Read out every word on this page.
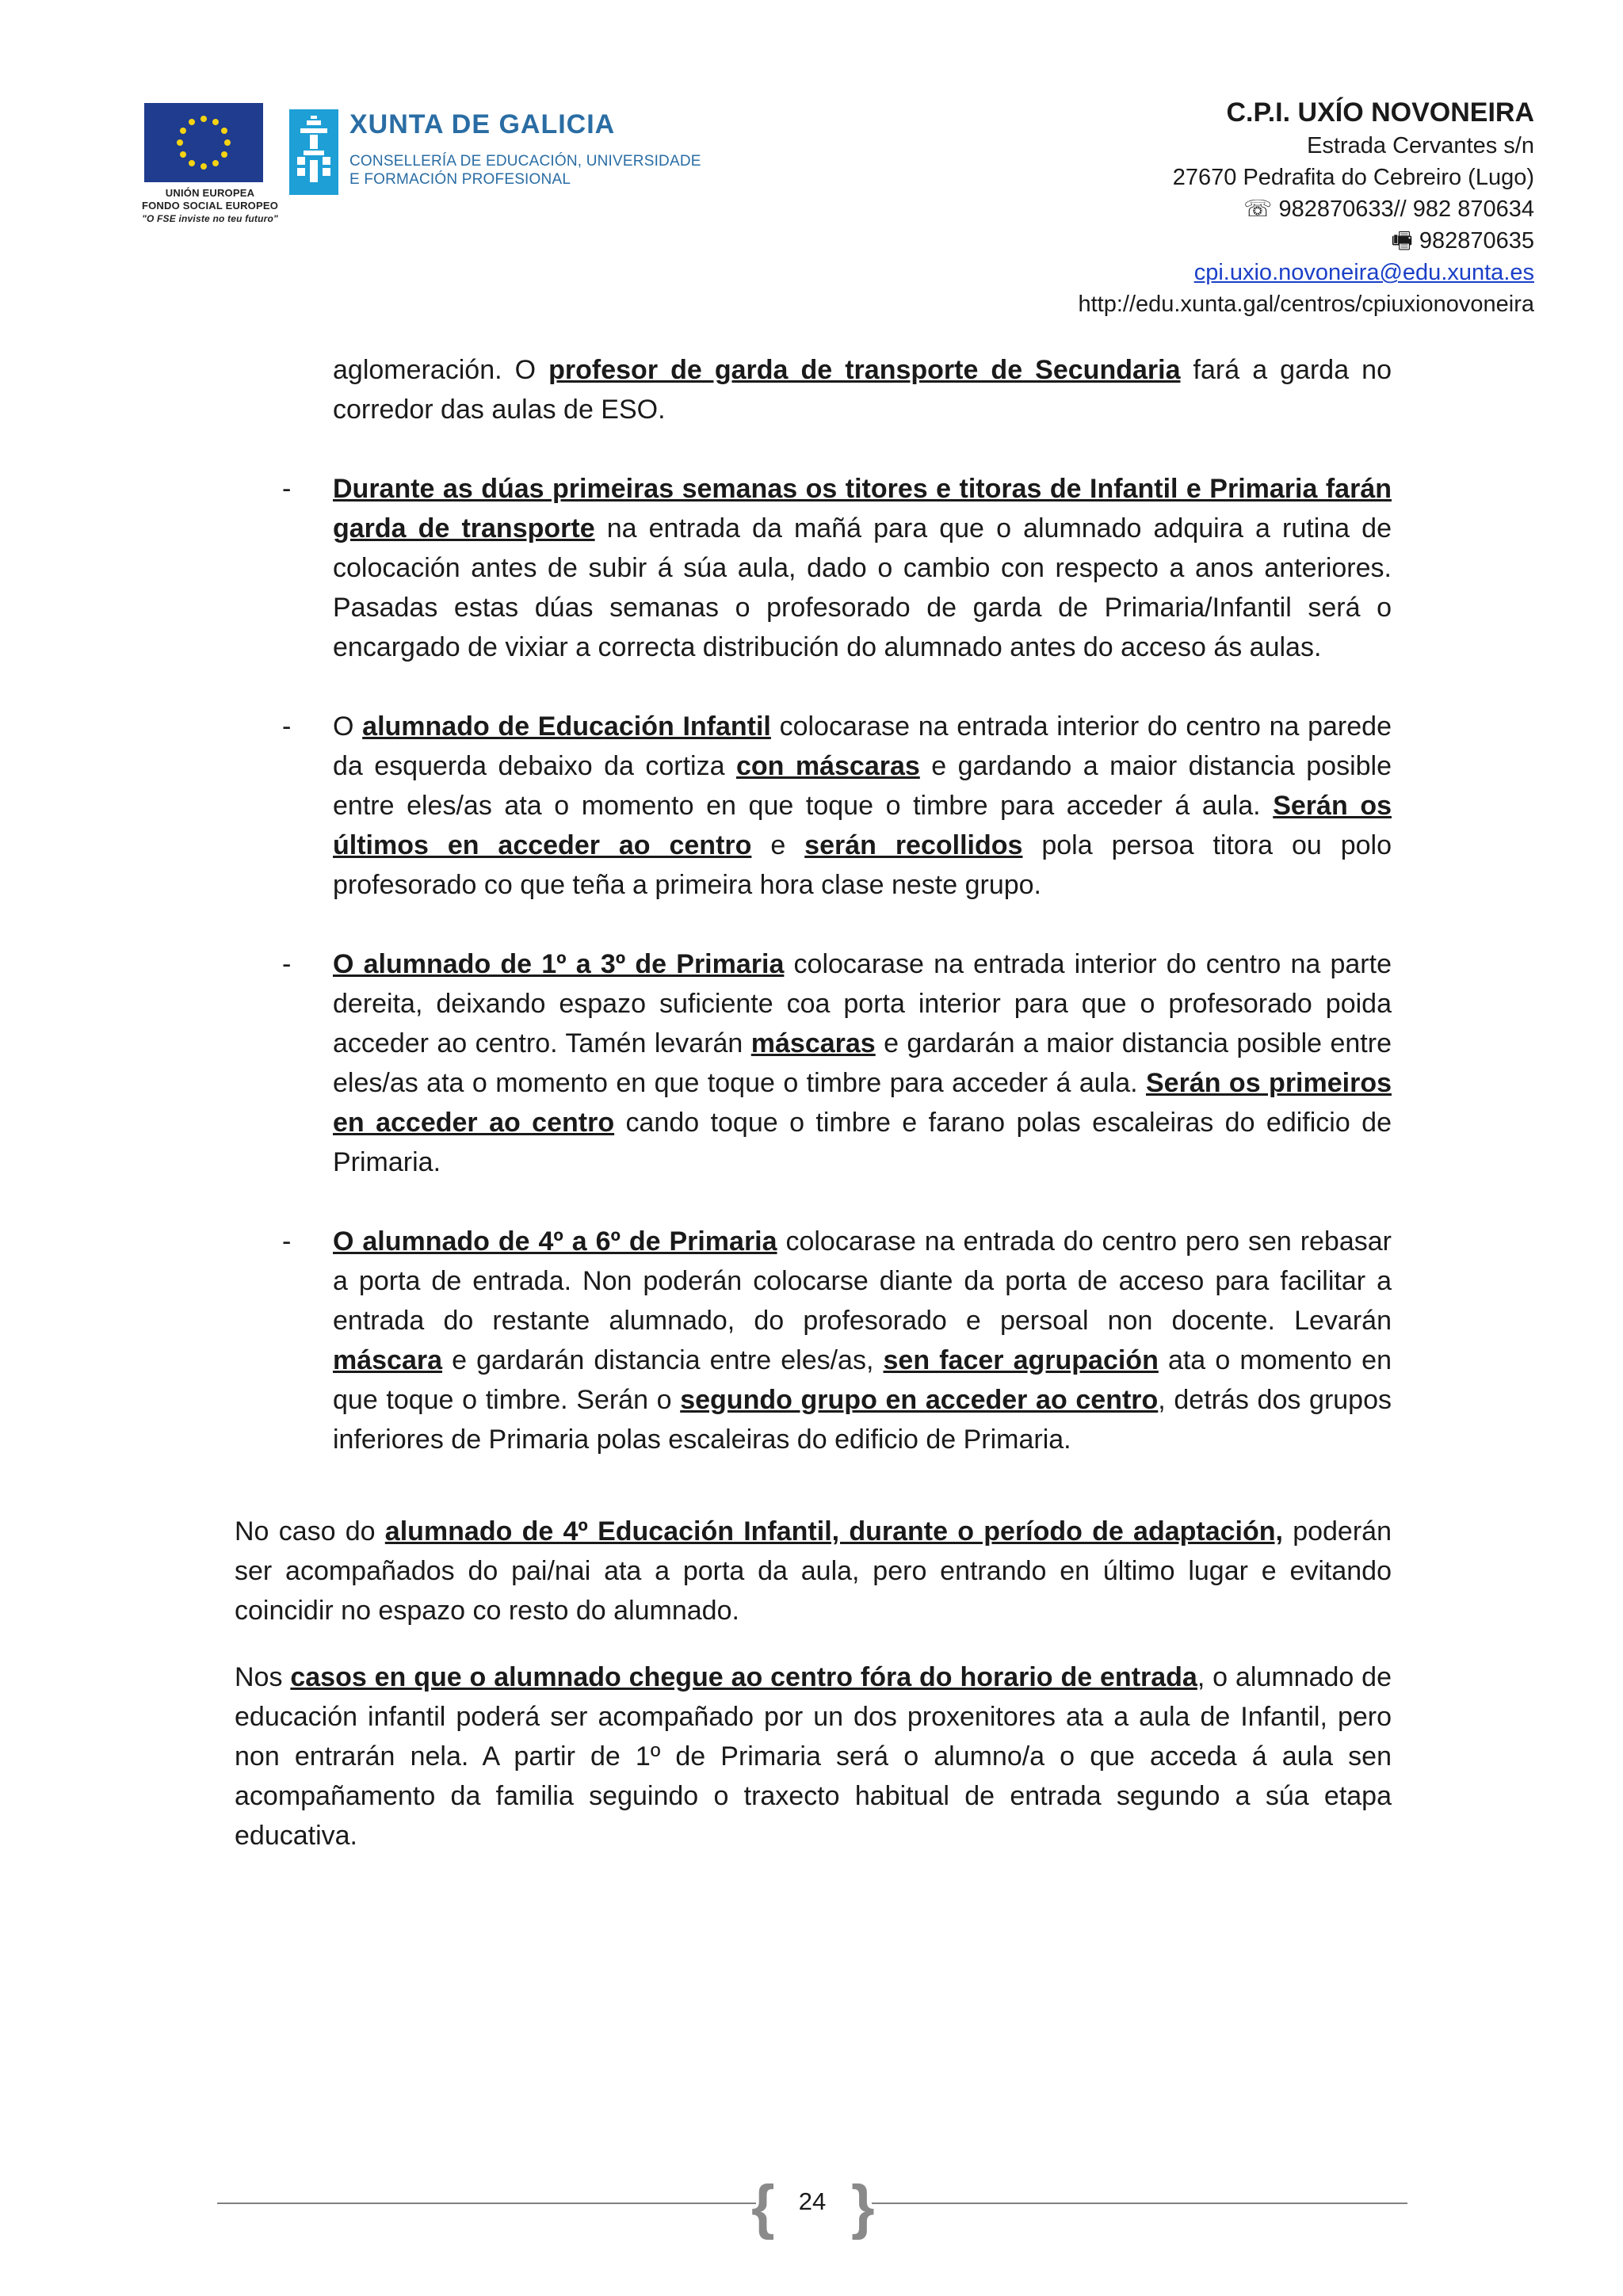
UNIÓN EUROPEA
FONDO SOCIAL EUROPEO
"O FSE inviste no teu futuro"
XUNTA DE GALICIA
CONSELLERÍA DE EDUCACIÓN, UNIVERSIDADE
E FORMACIÓN PROFESIONAL
C.P.I. UXÍO NOVONEIRA
Estrada Cervantes s/n
27670 Pedrafita do Cebreiro (Lugo)
☏ 982870633// 982 870634
🖷 982870635
cpi.uxio.novoneira@edu.xunta.es
http://edu.xunta.gal/centros/cpiuxionovoneira

aglomeración. O profesor de garda de transporte de Secundaria fará a garda no corredor das aulas de ESO.

- Durante as dúas primeiras semanas os titores e titoras de Infantil e Primaria farán garda de transporte na entrada da mañá para que o alumnado adquira a rutina de colocación antes de subir á súa aula, dado o cambio con respecto a anos anteriores. Pasadas estas dúas semanas o profesorado de garda de Primaria/Infantil será o encargado de vixiar a correcta distribución do alumnado antes do acceso ás aulas.

- O alumnado de Educación Infantil colocarase na entrada interior do centro na parede da esquerda debaixo da cortiza con máscaras e gardando a maior distancia posible entre eles/as ata o momento en que toque o timbre para acceder á aula. Serán os últimos en acceder ao centro e serán recollidos pola persoa titora ou polo profesorado co que teña a primeira hora clase neste grupo.

- O alumnado de 1º a 3º de Primaria colocarase na entrada interior do centro na parte dereita, deixando espazo suficiente coa porta interior para que o profesorado poida acceder ao centro. Tamén levarán máscaras e gardarán a maior distancia posible entre eles/as ata o momento en que toque o timbre para acceder á aula. Serán os primeiros en acceder ao centro cando toque o timbre e farano polas escaleiras do edificio de Primaria.

- O alumnado de 4º a 6º de Primaria colocarase na entrada do centro pero sen rebasar a porta de entrada. Non poderán colocarse diante da porta de acceso para facilitar a entrada do restante alumnado, do profesorado e persoal non docente. Levarán máscara e gardarán distancia entre eles/as, sen facer agrupación ata o momento en que toque o timbre. Serán o segundo grupo en acceder ao centro, detrás dos grupos inferiores de Primaria polas escaleiras do edificio de Primaria.

No caso do alumnado de 4º Educación Infantil, durante o período de adaptación, poderán ser acompañados do pai/nai ata a porta da aula, pero entrando en último lugar e evitando coincidir no espazo co resto do alumnado.

Nos casos en que o alumnado chegue ao centro fóra do horario de entrada, o alumnado de educación infantil poderá ser acompañado por un dos proxenitores ata a aula de Infantil, pero non entrarán nela. A partir de 1º de Primaria será o alumno/a o que acceda á aula sen acompañamento da familia seguindo o traxecto habitual de entrada segundo a súa etapa educativa.

{ }
24
